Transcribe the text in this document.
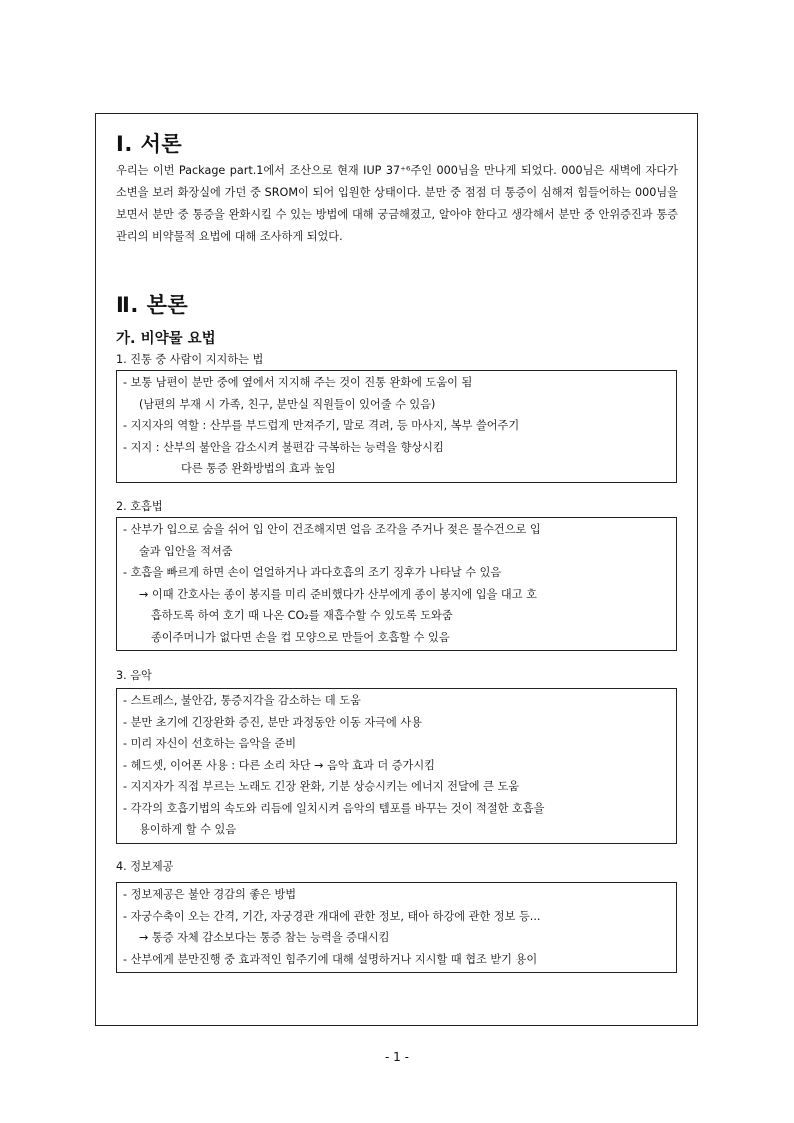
Ⅰ. 서론

우리는 이번 Package part.1에서 조산으로 현재 IUP 37⁺⁶주인 000님을 만나게 되었다. 000님은 새벽에 자다가 소변을 보러 화장실에 가던 중 SROM이 되어 입원한 상태이다. 분만 중 점점 더 통증이 심해져 힘들어하는 000님을 보면서 분만 중 통증을 완화시킬 수 있는 방법에 대해 궁금해졌고, 알아야 한다고 생각해서 분만 중 안위증진과 통증관리의 비약물적 요법에 대해 조사하게 되었다.

Ⅱ. 본론
가. 비약물 요법
1. 진통 중 사람이 지지하는 법
- 보통 남편이 분만 중에 옆에서 지지해 주는 것이 진통 완화에 도움이 됨
(남편의 부재 시 가족, 친구, 분만실 직원들이 있어줄 수 있음)
- 지지자의 역할 : 산부를 부드럽게 만져주기, 말로 격려, 등 마사지, 복부 쓸어주기
- 지지 : 산부의 불안을 감소시켜 불편감 극복하는 능력을 향상시킴
다른 통증 완화방법의 효과 높임
2. 호흡법
- 산부가 입으로 숨을 쉬어 입 안이 건조해지면 얼음 조각을 주거나 젖은 물수건으로 입
술과 입안을 적셔줌
- 호흡을 빠르게 하면 손이 얼얼하거나 과다호흡의 조기 징후가 나타날 수 있음
→ 이때 간호사는 종이 봉지를 미리 준비했다가 산부에게 종이 봉지에 입을 대고 호
흡하도록 하여 호기 때 나온 CO₂를 재흡수할 수 있도록 도와줌
종이주머니가 없다면 손을 컵 모양으로 만들어 호흡할 수 있음
3. 음악
- 스트레스, 불안감, 통증지각을 감소하는 데 도움
- 분만 초기에 긴장완화 증진, 분만 과정동안 이동 자극에 사용
- 미리 자신이 선호하는 음악을 준비
- 헤드셋, 이어폰 사용 : 다른 소리 차단 → 음악 효과 더 증가시킴
- 지지자가 직접 부르는 노래도 긴장 완화, 기분 상승시키는 에너지 전달에 큰 도움
- 각각의 호흡기법의 속도와 리듬에 일치시켜 음악의 템포를 바꾸는 것이 적절한 호흡을
용이하게 할 수 있음
4. 정보제공
- 정보제공은 불안 경감의 좋은 방법
- 자궁수축이 오는 간격, 기간, 자궁경관 개대에 관한 정보, 태아 하강에 관한 정보 등...
→ 통증 자체 감소보다는 통증 참는 능력을 증대시킴
- 산부에게 분만진행 중 효과적인 힘주기에 대해 설명하거나 지시할 때 협조 받기 용이
- 1 -
